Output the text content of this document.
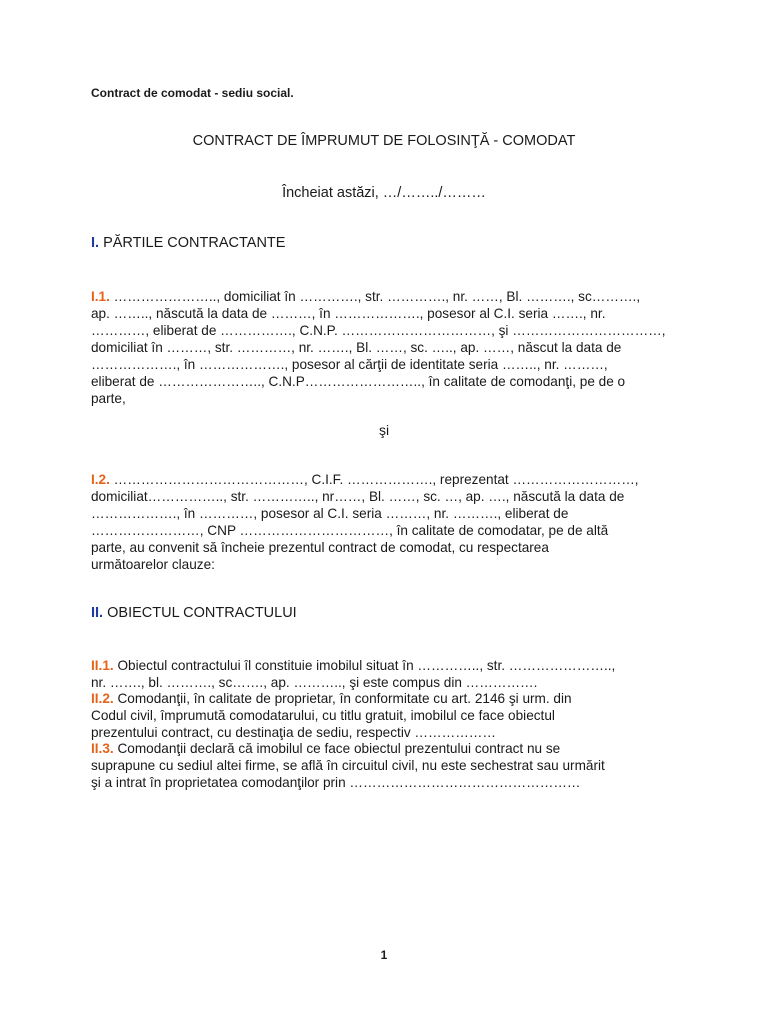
Contract de comodat - sediu social.
CONTRACT DE ÎMPRUMUT DE FOLOSINŢĂ - COMODAT
Încheiat astăzi, …/……../………
I. PĂRTILE CONTRACTANTE
I.1. ………………….., domiciliat în …………., str. …………., nr. ……, Bl. ………., sc……….,
ap. …….., născută la data de ………, în ………………., posesor al C.I. seria ……., nr.
…………, eliberat de ……………., C.N.P. ……………………………, şi ……………………………,
domiciliat în ………, str. …………, nr. ……., Bl. ……, sc. ….., ap. ……, născut la data de
………………., în ………………., posesor al cărţii de identitate seria …….., nr. ………,
eliberat de ………………….., C.N.P…………………….., în calitate de comodanţi, pe de o
parte,
şi
I.2. ……………………………………, C.I.F. ………………., reprezentat ………………………,
domiciliat…………….., str. ………….., nr……, Bl. ……, sc. …, ap. …., născută la data de
………………., în …………, posesor al C.I. seria ………, nr. ………., eliberat de
……………………, CNP ……………………………, în calitate de comodatar, pe de altă
parte, au convenit să încheie prezentul contract de comodat, cu respectarea
următoarelor clauze:
II. OBIECTUL CONTRACTULUI
II.1. Obiectul contractului îl constituie imobilul situat în ………….., str. …………………..,
nr. ……., bl. ………., sc……., ap. ……….., şi este compus din …………….
II.2. Comodanţii, în calitate de proprietar, în conformitate cu art. 2146 şi urm. din
Codul civil, împrumută comodatarului, cu titlu gratuit, imobilul ce face obiectul
prezentului contract, cu destinaţia de sediu, respectiv ………………
II.3. Comodanţii declară că imobilul ce face obiectul prezentului contract nu se
suprapune cu sediul altei firme, se află în circuitul civil, nu este sechestrat sau urmărit
şi a intrat în proprietatea comodanţilor prin ……………………………………………
1
